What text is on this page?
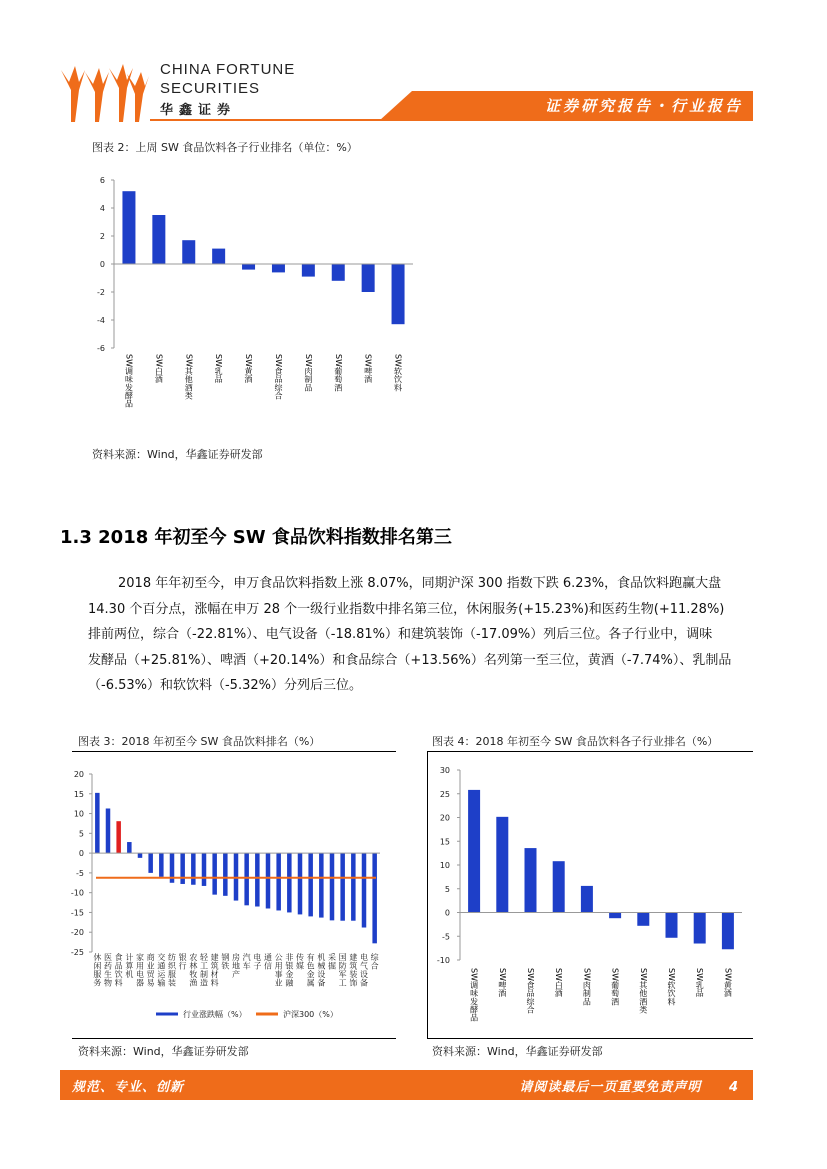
CHINA FORTUNE
SECURITIES
华鑫证券	证券研究报告・行业报告
图表 2：上周 SW 食品饮料各子行业排名（单位：%）
6
4
2
0
-2
-4
-6
SW
调
味
发
酵
品
SW
白
酒
SW
其
他
酒
类
SW
乳
品
SW
黄
酒
SW
食
品
综
合
SW
肉
制
品
SW
葡
萄
酒
SW
啤
酒
SW
软
饮
料
资料来源：Wind，华鑫证券研发部
1.3 2018 年初至今 SW 食品饮料指数排名第三

2018 年年初至今，申万食品饮料指数上涨 8.07%，同期沪深 300 指数下跌 6.23%，食品饮料跑赢大盘

14.30 个百分点，涨幅在申万 28 个一级行业指数中排名第三位，休闲服务(+15.23%)和医药生物(+11.28%)

排前两位，综合（-22.81%）、电气设备（-18.81%）和建筑装饰（-17.09%）列后三位。各子行业中，调味

发酵品（+25.81%）、啤酒（+20.14%）和食品综合（+13.56%）名列第一至三位，黄酒（-7.74%）、乳制品

（-6.53%）和软饮料（-5.32%）分列后三位。

图表 3：2018 年初至今 SW 食品饮料排名（%）
20
15
10
5
0
-5
-10
-15
-20
-25
休
闲
服
务
医
药
生
物
食
品
饮
料
计
算
机
家
用
电
器
商
业
贸
易
交
通
运
输
纺
织
服
装
银
行
农
林
牧
渔
轻
工
制
造
建
筑
材
料
钢
铁
房
地
产
汽
车
电
子
通
信
公
用
事
业
非
银
金
融
传
媒
有
色
金
属
机
械
设
备
采
掘
国
防
军
工
建
筑
装
饰
电
气
设
备
综
合
行业涨跌幅（%）	沪深300（%）
资料来源：Wind，华鑫证券研发部
图表 4：2018 年初至今 SW 食品饮料各子行业排名（%）
30
25
20
15
10
5
0
-5
-10
SW
调
味
发
酵
品
SW
啤
酒
SW
食
品
综
合
SW
白
酒
SW
肉
制
品
SW
葡
萄
酒
SW
其
他
酒
类
SW
软
饮
料
SW
乳
品
SW
黄
酒
资料来源：Wind，华鑫证券研发部
规范、专业、创新	请阅读最后一页重要免责声明 4
